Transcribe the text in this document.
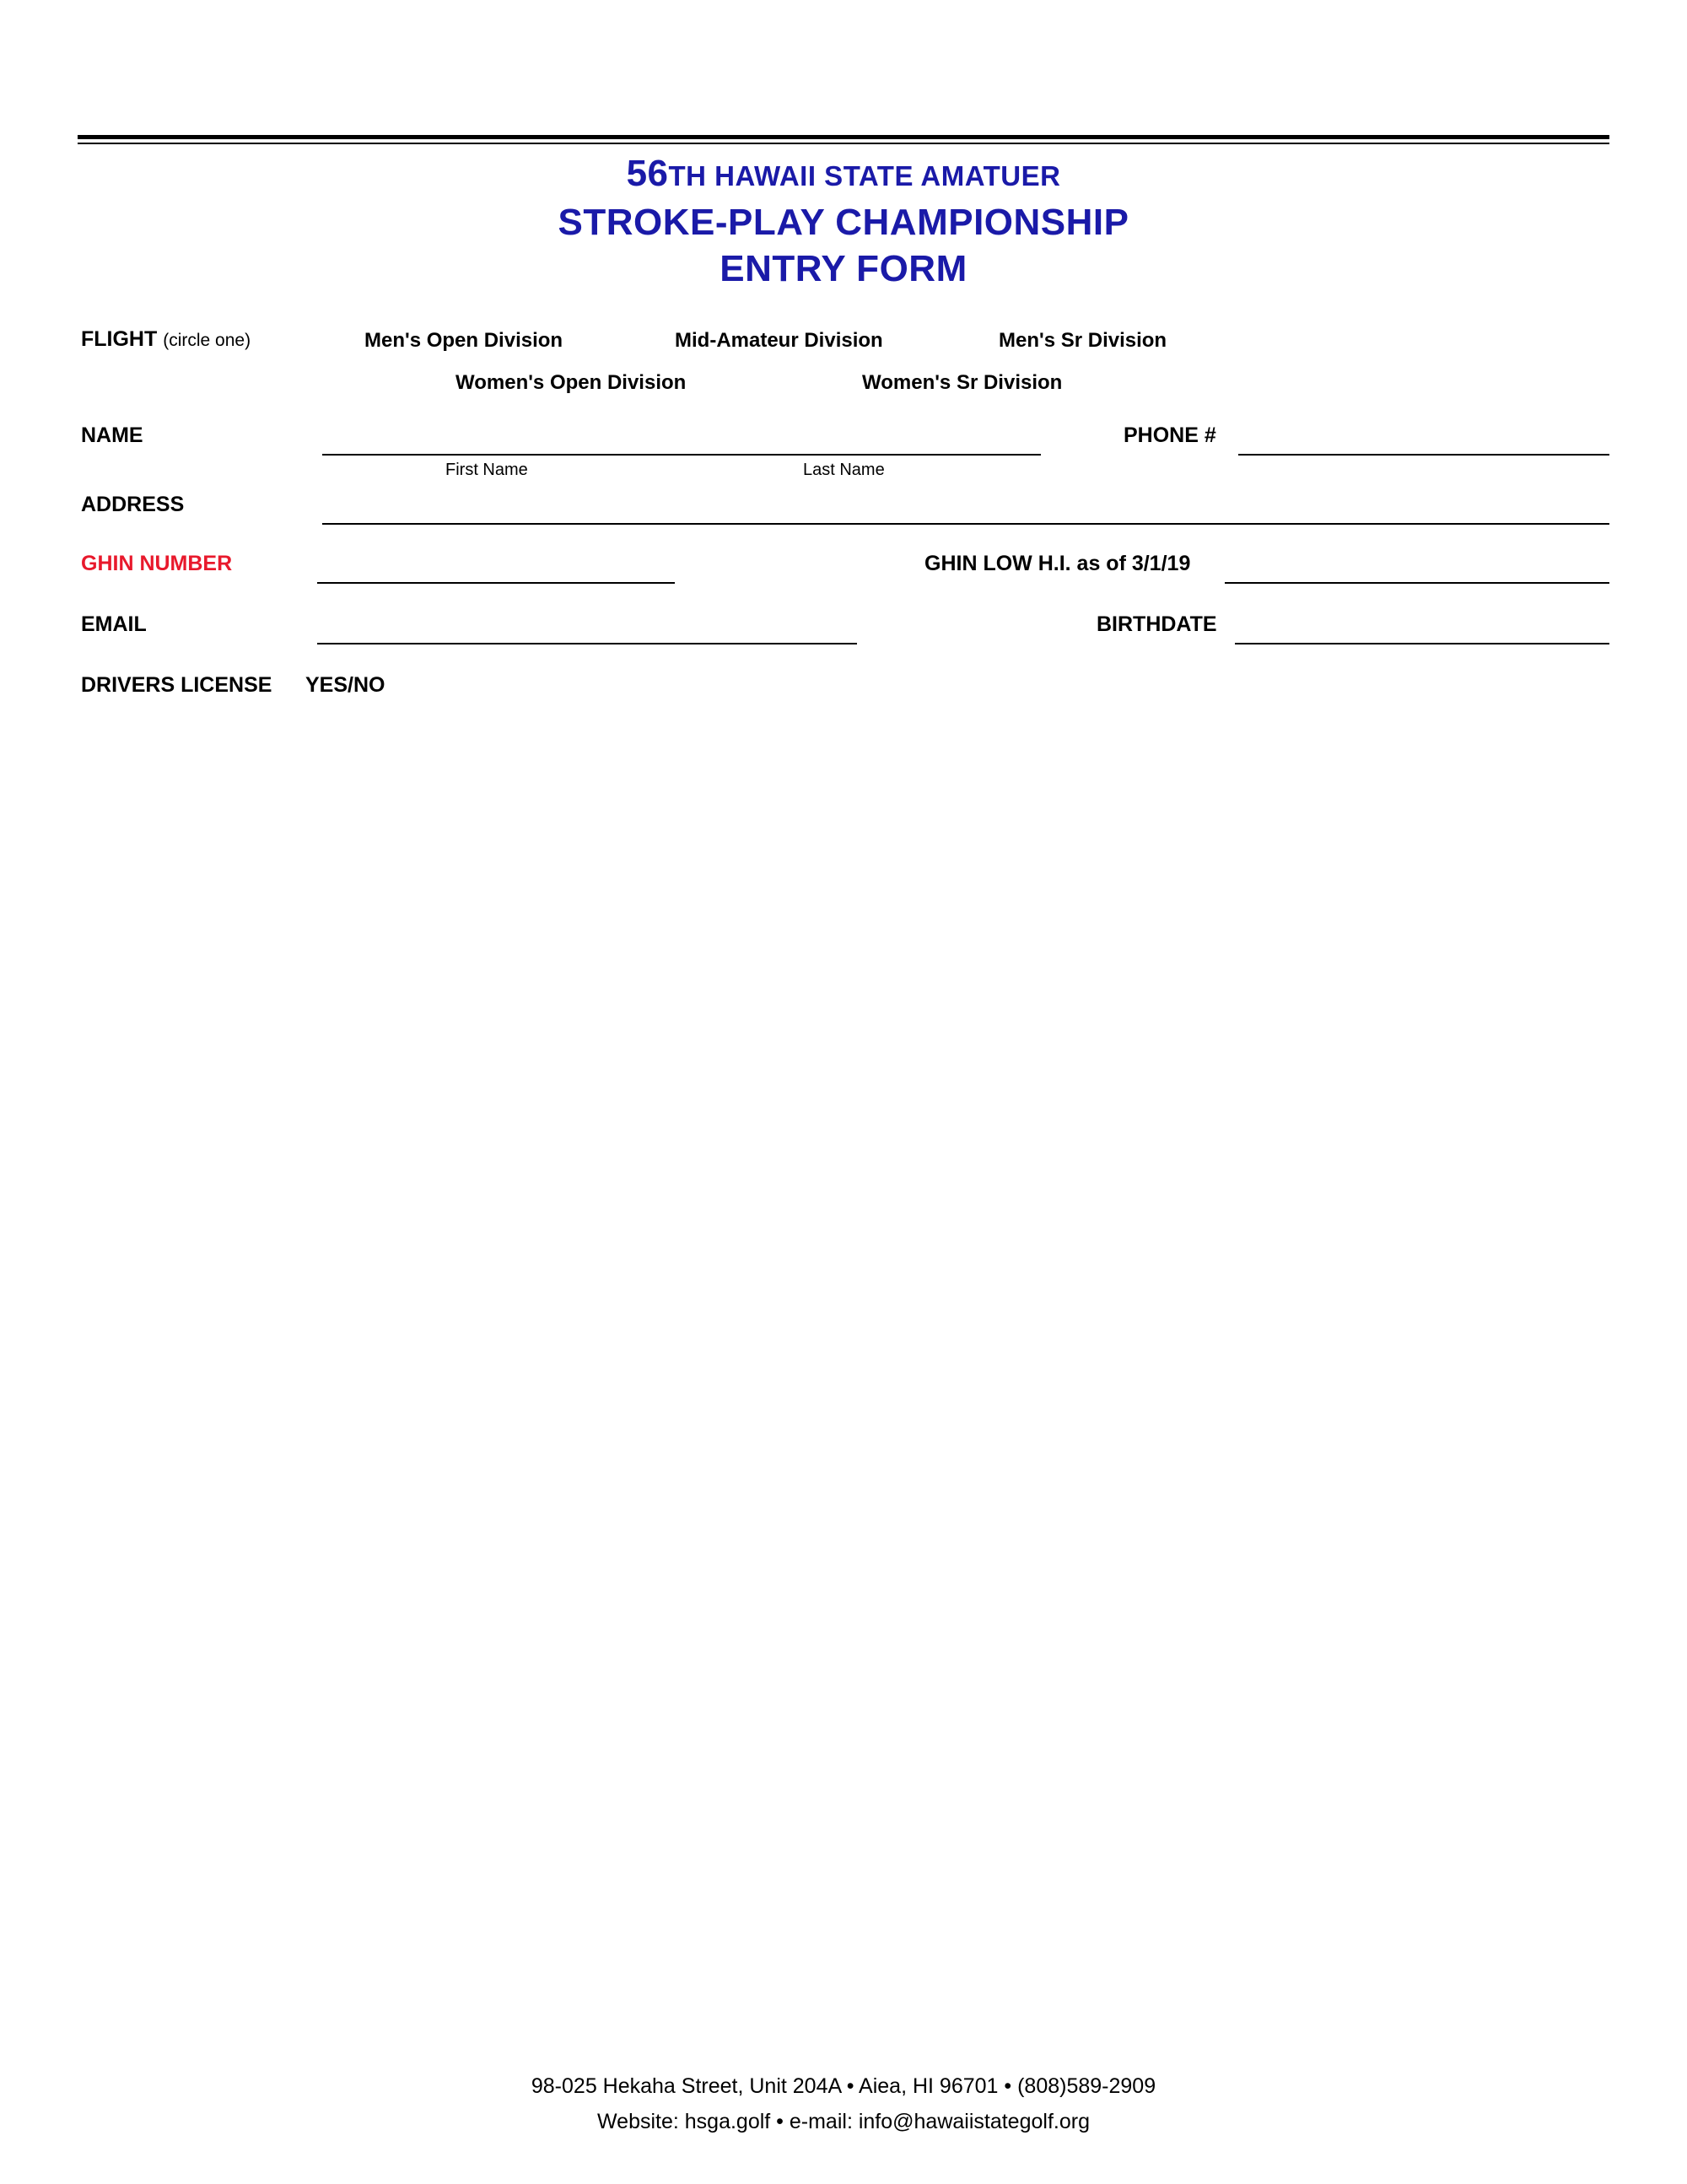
56TH HAWAII STATE AMATUER
STROKE-PLAY CHAMPIONSHIP
ENTRY FORM
FLIGHT (circle one)	Men's Open Division	Mid-Amateur Division	Men's Sr Division
Women's Open Division	Women's Sr Division
NAME
First Name	Last Name
PHONE #
ADDRESS
GHIN NUMBER	GHIN LOW H.I. as of 3/1/19
EMAIL	BIRTHDATE
DRIVERS LICENSE YES/NO
98-025 Hekaha Street, Unit 204A • Aiea, HI 96701 • (808)589-2909
Website: hsga.golf • e-mail: info@hawaiistategolf.org
